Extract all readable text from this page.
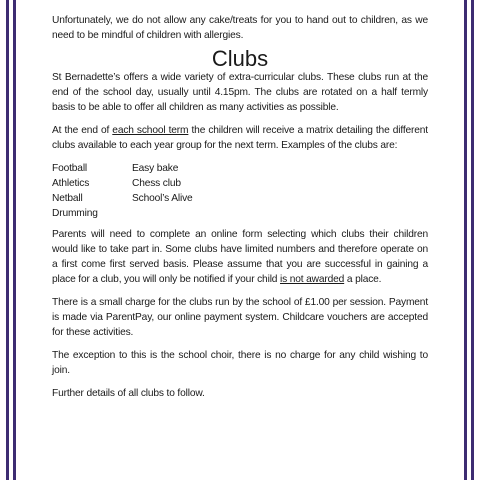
Unfortunately, we do not allow any cake/treats for you to hand out to children, as we need to be mindful of children with allergies.

Clubs

St Bernadette’s offers a wide variety of extra-curricular clubs. These clubs run at the end of the school day, usually until 4.15pm. The clubs are rotated on a half termly basis to be able to offer all children as many activities as possible.

At the end of each school term the children will receive a matrix detailing the different clubs available to each year group for the next term. Examples of the clubs are:

Football	Easy bake
Athletics	Chess club
Netball	School’s Alive
Drumming

Parents will need to complete an online form selecting which clubs their children would like to take part in. Some clubs have limited numbers and therefore operate on a first come first served basis. Please assume that you are successful in gaining a place for a club, you will only be notified if your child is not awarded a place.

There is a small charge for the clubs run by the school of £1.00 per session. Payment is made via ParentPay, our online payment system. Childcare vouchers are accepted for these activities.

The exception to this is the school choir, there is no charge for any child wishing to join.

Further details of all clubs to follow.
